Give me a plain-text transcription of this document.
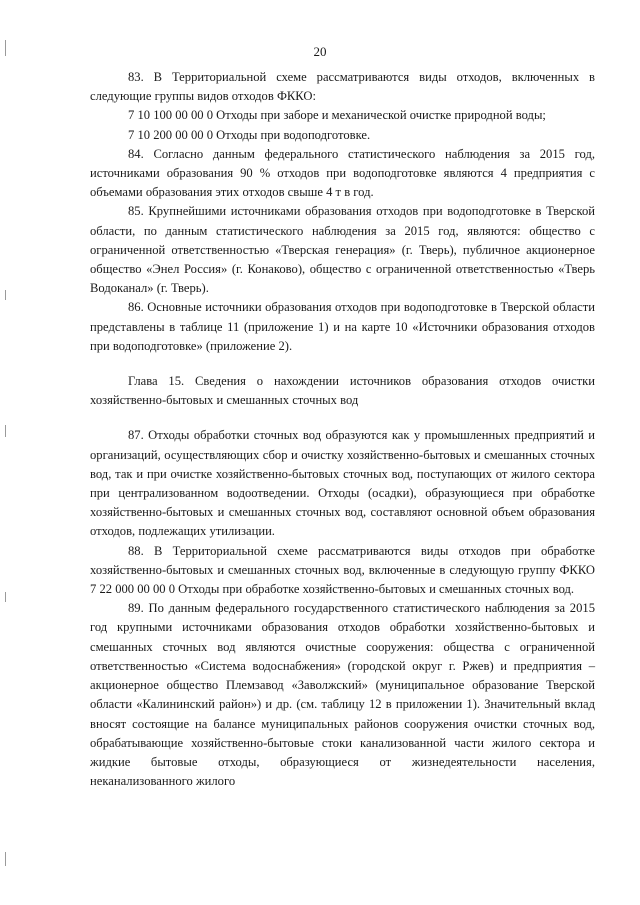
20

83. В Территориальной схеме рассматриваются виды отходов, включенных в следующие группы видов отходов ФККО:

7 10 100 00 00 0 Отходы при заборе и механической очистке природной воды;

7 10 200 00 00 0 Отходы при водоподготовке.

84. Согласно данным федерального статистического наблюдения за 2015 год, источниками образования 90 % отходов при водоподготовке являются 4 предприятия с объемами образования этих отходов свыше 4 т в год.

85. Крупнейшими источниками образования отходов при водоподготовке в Тверской области, по данным статистического наблюдения за 2015 год, являются: общество с ограниченной ответственностью «Тверская генерация» (г. Тверь), публичное акционерное общество «Энел Россия» (г. Конаково), общество с ограниченной ответственностью «Тверь Водоканал» (г. Тверь).

86. Основные источники образования отходов при водоподготовке в Тверской области представлены в таблице 11 (приложение 1) и на карте 10 «Источники образования отходов при водоподготовке» (приложение 2).

Глава 15. Сведения о нахождении источников образования отходов очистки хозяйственно-бытовых и смешанных сточных вод

87. Отходы обработки сточных вод образуются как у промышленных предприятий и организаций, осуществляющих сбор и очистку хозяйственно-бытовых и смешанных сточных вод, так и при очистке хозяйственно-бытовых сточных вод, поступающих от жилого сектора при централизованном водоотведении. Отходы (осадки), образующиеся при обработке хозяйственно-бытовых и смешанных сточных вод, составляют основной объем образования отходов, подлежащих утилизации.

88. В Территориальной схеме рассматриваются виды отходов при обработке хозяйственно-бытовых и смешанных сточных вод, включенные в следующую группу ФККО 7 22 000 00 00 0 Отходы при обработке хозяйственно-бытовых и смешанных сточных вод.

89. По данным федерального государственного статистического наблюдения за 2015 год крупными источниками образования отходов обработки хозяйственно-бытовых и смешанных сточных вод являются очистные сооружения: общества с ограниченной ответственностью «Система водоснабжения» (городской округ г. Ржев) и предприятия – акционерное общество Племзавод «Заволжский» (муниципальное образование Тверской области «Калининский район») и др. (см. таблицу 12 в приложении 1). Значительный вклад вносят состоящие на балансе муниципальных районов сооружения очистки сточных вод, обрабатывающие хозяйственно-бытовые стоки канализованной части жилого сектора и жидкие бытовые отходы, образующиеся от жизнедеятельности населения, неканализованного жилого
